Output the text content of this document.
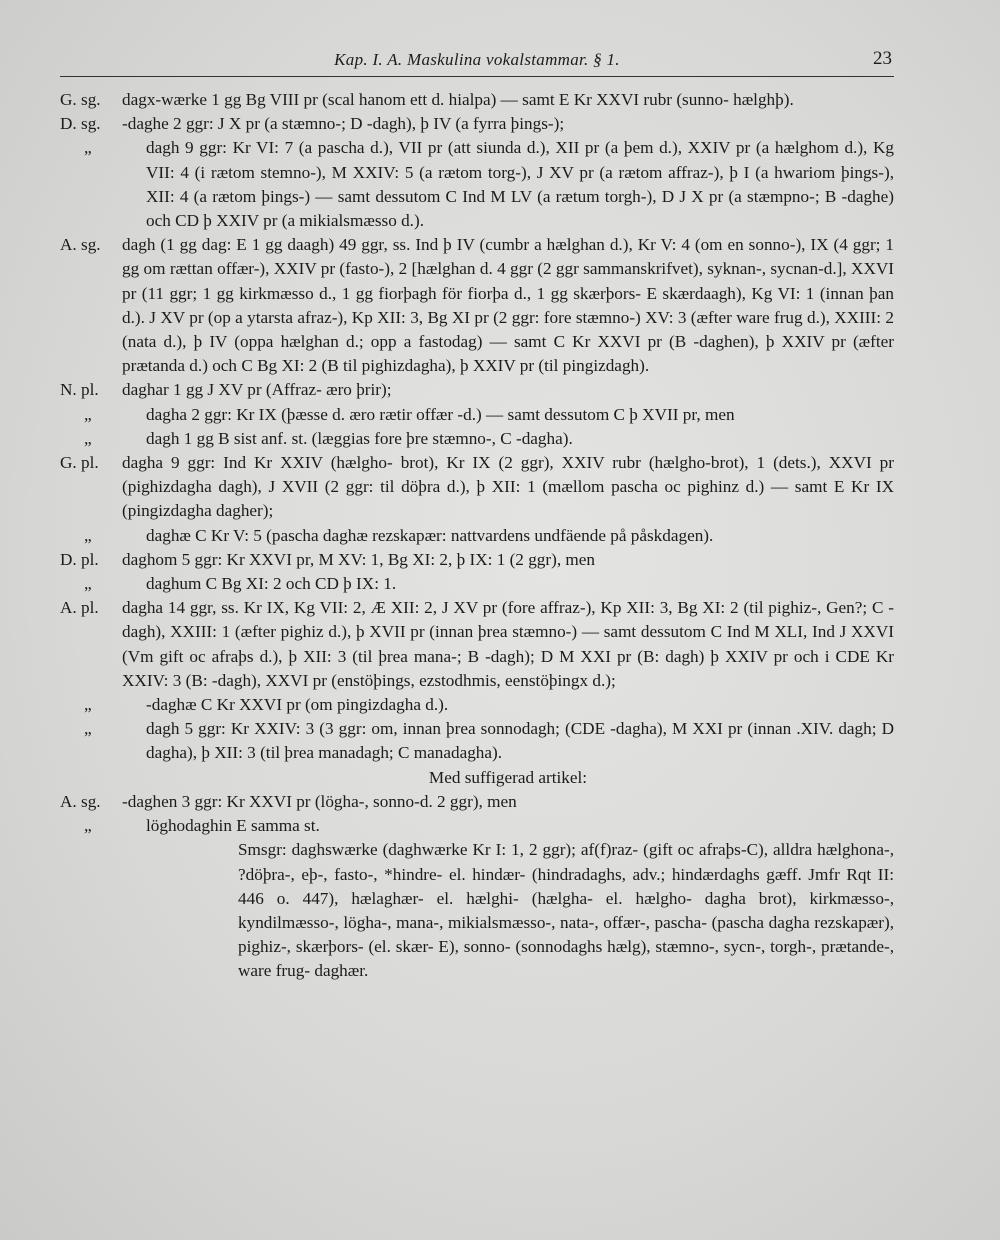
Kap. I. A. Maskulina vokalstammar. § 1.	23
G. sg.	dagx-wærke 1 gg Bg VIII pr (scal hanom ett d. hialpa) — samt E Kr XXVI rubr (sunno- hælghþ).
D. sg.	-daghe 2 ggr: J X pr (a stæmno-; D -dagh), þ IV (a fyrra þings-);
„	dagh 9 ggr: Kr VI: 7 (a pascha d.), VII pr (att siunda d.), XII pr (a þem d.), XXIV pr (a hælghom d.), Kg VII: 4 (i rætom stemno-), M XXIV: 5 (a rætom torg-), J XV pr (a rætom affraz-), þ I (a hwariom þings-), XII: 4 (a rætom þings-) — samt dessutom C Ind M LV (a rætum torgh-), D J X pr (a stæmpno-; B -daghe) och CD þ XXIV pr (a mikialsmæsso d.).
A. sg.	dagh (1 gg dag: E 1 gg daagh) 49 ggr, ss. Ind þ IV (cumbr a hælghan d.), Kr V: 4 (om en sonno-), IX (4 ggr; 1 gg om rættan offær-), XXIV pr (fasto-), 2 [hælghan d. 4 ggr (2 ggr sammanskrifvet), syknan-, sycnan-d.], XXVI pr (11 ggr; 1 gg kirkmæsso d., 1 gg fiorþagh för fiorþa d., 1 gg skærþors- E skærdaagh), Kg VI: 1 (innan þan d.). J XV pr (op a ytarsta afraz-), Kp XII: 3, Bg XI pr (2 ggr: fore stæmno-) XV: 3 (æfter ware frug d.), XXIII: 2 (nata d.), þ IV (oppa hælghan d.; opp a fastodag) — samt C Kr XXVI pr (B -daghen), þ XXIV pr (æfter prætanda d.) och C Bg XI: 2 (B til pighizdagha), þ XXIV pr (til pingizdagh).
N. pl.	daghar 1 gg J XV pr (Affraz- æro þrir);
„	dagha 2 ggr: Kr IX (þæsse d. æro rætir offær -d.) — samt dessutom C þ XVII pr, men
„	dagh 1 gg B sist anf. st. (læggias fore þre stæmno-, C -dagha).
G. pl.	dagha 9 ggr: Ind Kr XXIV (hælgho- brot), Kr IX (2 ggr), XXIV rubr (hælgho-brot), 1 (dets.), XXVI pr (pighizdagha dagh), J XVII (2 ggr: til döþra d.), þ XII: 1 (mællom pascha oc pighinz d.) — samt E Kr IX (pingizdagha dagher);
„	daghæ C Kr V: 5 (pascha daghæ rezskapær: nattvardens undfäende på påskdagen).
D. pl.	daghom 5 ggr: Kr XXVI pr, M XV: 1, Bg XI: 2, þ IX: 1 (2 ggr), men
„	daghum C Bg XI: 2 och CD þ IX: 1.
A. pl.	dagha 14 ggr, ss. Kr IX, Kg VII: 2, Æ XII: 2, J XV pr (fore affraz-), Kp XII: 3, Bg XI: 2 (til pighiz-, Gen?; C -dagh), XXIII: 1 (æfter pighiz d.), þ XVII pr (innan þrea stæmno-) — samt dessutom C Ind M XLI, Ind J XXVI (Vm gift oc afraþs d.), þ XII: 3 (til þrea mana-; B -dagh); D M XXI pr (B: dagh) þ XXIV pr och i CDE Kr XXIV: 3 (B: -dagh), XXVI pr (enstöþings, ezstodhmis, eenstöþingx d.);
„	-daghæ C Kr XXVI pr (om pingizdagha d.).
„	dagh 5 ggr: Kr XXIV: 3 (3 ggr: om, innan þrea sonnodagh; (CDE -dagha), M XXI pr (innan .XIV. dagh; D dagha), þ XII: 3 (til þrea manadagh; C manadagha).
Med suffigerad artikel:
A. sg.	-daghen 3 ggr: Kr XXVI pr (lögha-, sonno-d. 2 ggr), men
„	löghodaghin E samma st.
Smsgr: daghswærke (daghwærke Kr I: 1, 2 ggr); af(f)raz- (gift oc afraþs-C), alldra hælghona-, ?döþra-, eþ-, fasto-, *hindre- el. hindær- (hindradaghs, adv.; hindærdaghs gæff. Jmfr Rqt II: 446 o. 447), hælaghær- el. hælghi- (hælgha- el. hælgho- dagha brot), kirkmæsso-, kyndilmæsso-, lögha-, mana-, mikialsmæsso-, nata-, offær-, pascha- (pascha dagha rezskapær), pighiz-, skærþors- (el. skær- E), sonno- (sonnodaghs hælg), stæmno-, sycn-, torgh-, prætande-, ware frug- daghær.
